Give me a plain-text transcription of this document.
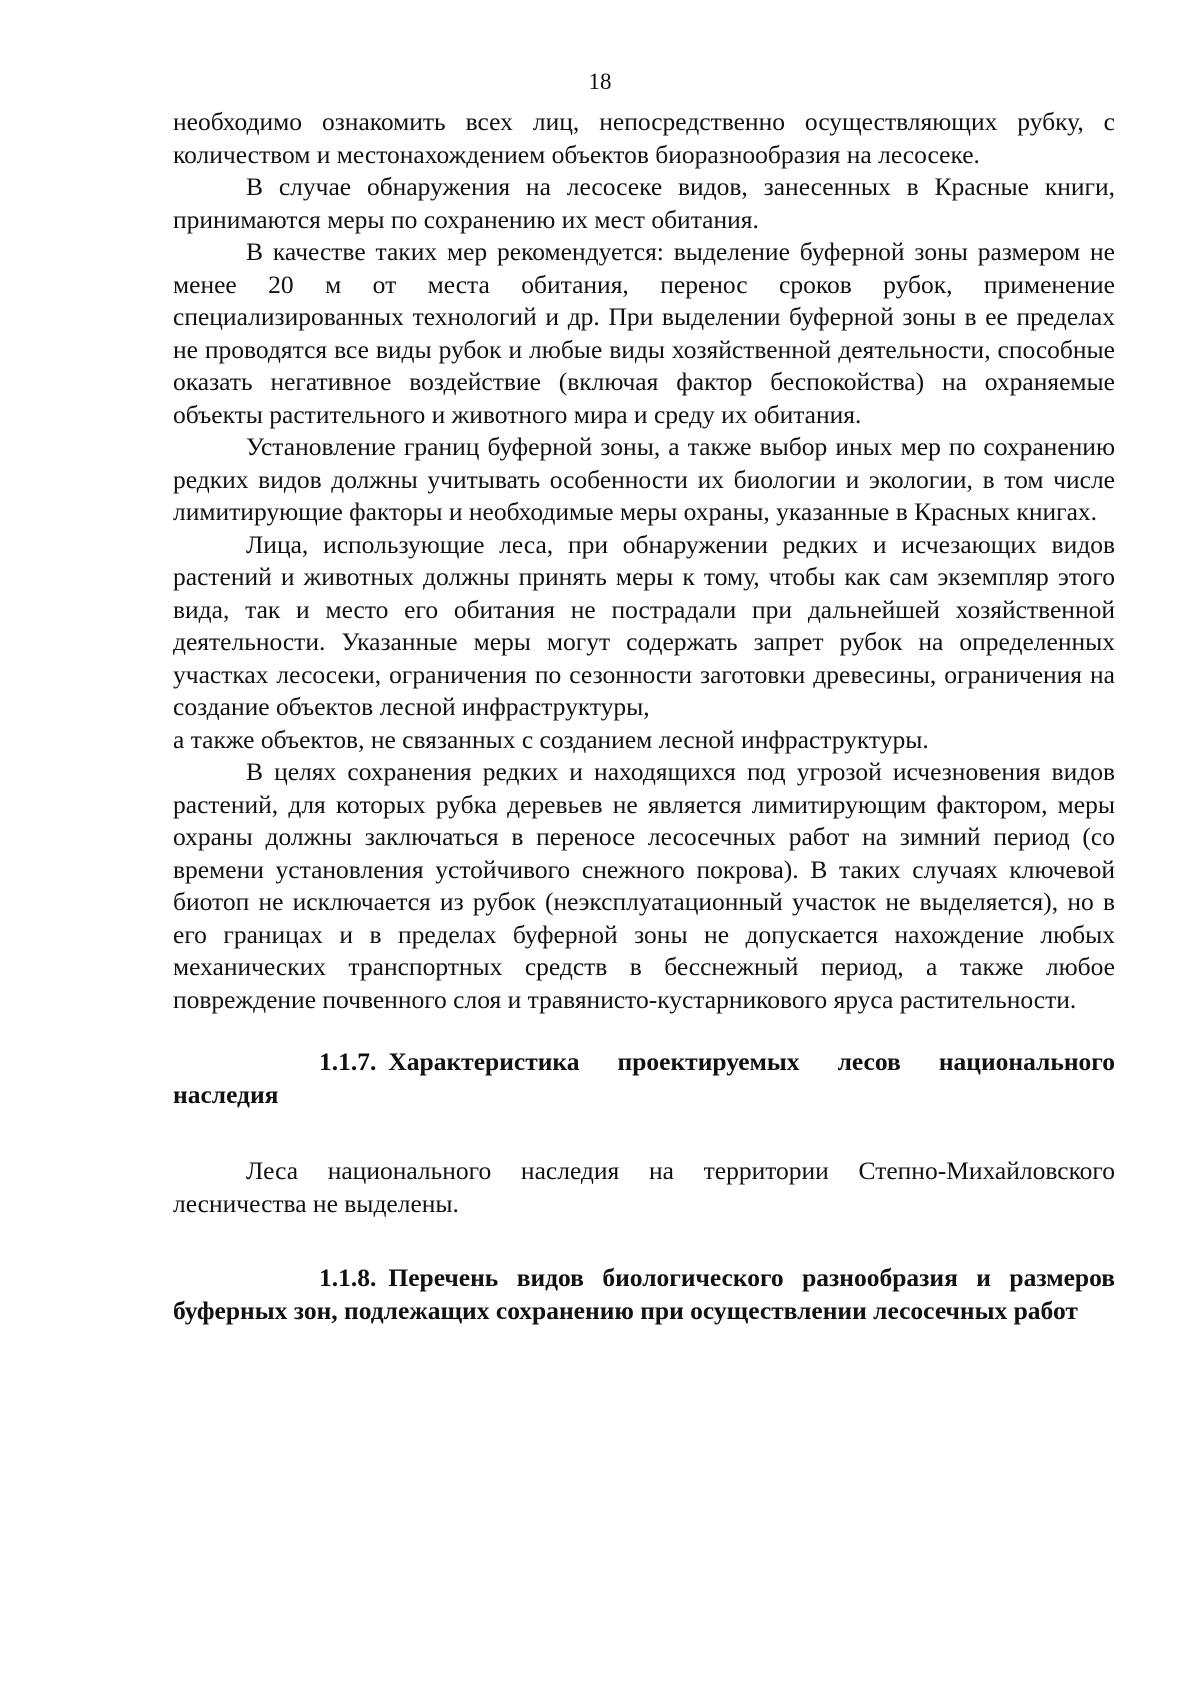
18

необходимо ознакомить всех лиц, непосредственно осуществляющих рубку, с количеством и местонахождением объектов биоразнообразия на лесосеке.

В случае обнаружения на лесосеке видов, занесенных в Красные книги, принимаются меры по сохранению их мест обитания.

В качестве таких мер рекомендуется: выделение буферной зоны размером не менее 20 м от места обитания, перенос сроков рубок, применение специализированных технологий и др. При выделении буферной зоны в ее пределах не проводятся все виды рубок и любые виды хозяйственной деятельности, способные оказать негативное воздействие (включая фактор беспокойства) на охраняемые объекты растительного и животного мира и среду их обитания.

Установление границ буферной зоны, а также выбор иных мер по сохранению редких видов должны учитывать особенности их биологии и экологии, в том числе лимитирующие факторы и необходимые меры охраны, указанные в Красных книгах.

Лица, использующие леса, при обнаружении редких и исчезающих видов растений и животных должны принять меры к тому, чтобы как сам экземпляр этого вида, так и место его обитания не пострадали при дальнейшей хозяйственной деятельности. Указанные меры могут содержать запрет рубок на определенных участках лесосеки, ограничения по сезонности заготовки древесины, ограничения на создание объектов лесной инфраструктуры,

а также объектов, не связанных с созданием лесной инфраструктуры.

В целях сохранения редких и находящихся под угрозой исчезновения видов растений, для которых рубка деревьев не является лимитирующим фактором, меры охраны должны заключаться в переносе лесосечных работ на зимний период (со времени установления устойчивого снежного покрова). В таких случаях ключевой биотоп не исключается из рубок (неэксплуатационный участок не выделяется), но в его границах и в пределах буферной зоны не допускается нахождение любых механических транспортных средств в бесснежный период, а также любое повреждение почвенного слоя и травянисто-кустарникового яруса растительности.

1.1.7. Характеристика проектируемых лесов национального наследия

Леса национального наследия на территории Степно-Михайловского лесничества не выделены.

1.1.8. Перечень видов биологического разнообразия и размеров буферных зон, подлежащих сохранению при осуществлении лесосечных работ
